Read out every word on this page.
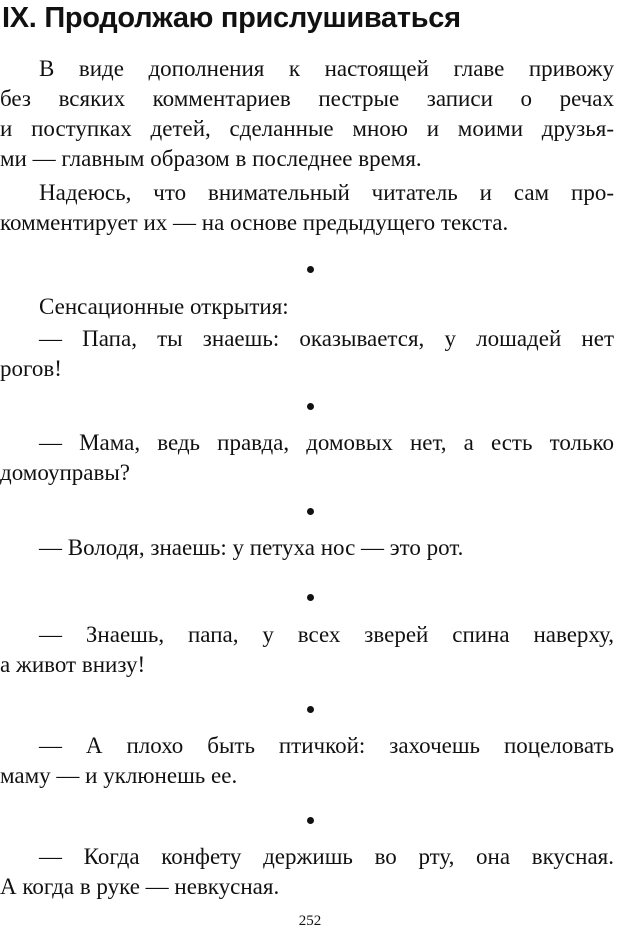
IX. Продолжаю прислушиваться
В виде дополнения к настоящей главе привожу
без всяких комментариев пестрые записи о речах
и поступках детей, сделанные мною и моими друзья-
ми — главным образом в последнее время.
Надеюсь, что внимательный читатель и сам про-
комментирует их — на основе предыдущего текста.
Сенсационные открытия:
— Папа, ты знаешь: оказывается, у лошадей нет
рогов!
— Мама, ведь правда, домовых нет, а есть только
домоуправы?
— Володя, знаешь: у петуха нос — это рот.
— Знаешь, папа, у всех зверей спина наверху,
а живот внизу!
— А плохо быть птичкой: захочешь поцеловать
маму — и уклюнешь ее.
— Когда конфету держишь во рту, она вкусная.
А когда в руке — невкусная.
252
